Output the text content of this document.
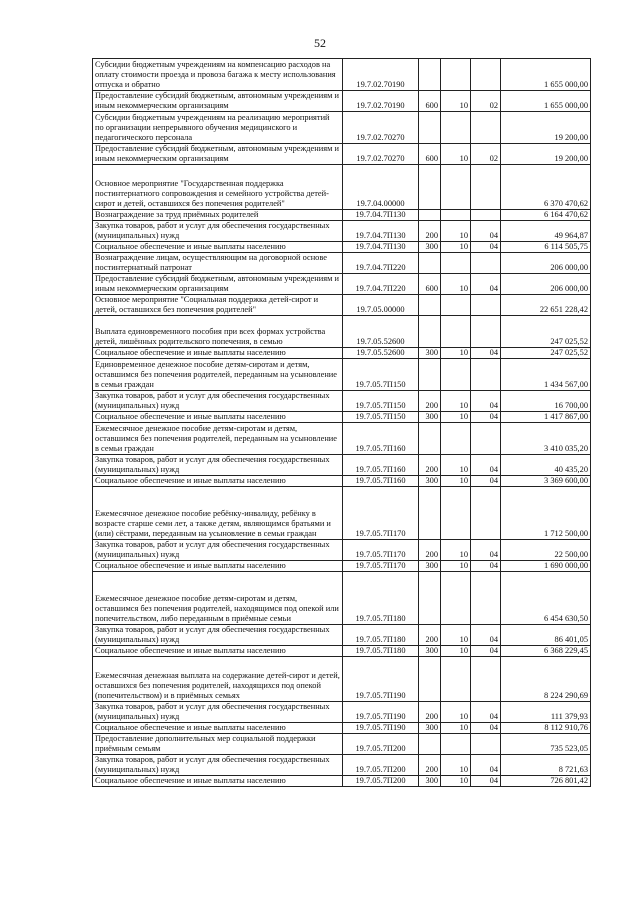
52
Субсидии бюджетным учреждениям на компенсацию расходов на оплату стоимости проезда и провоза багажа к месту использования отпуска и обратно	19.7.02.70190				1 655 000,00
Предоставление субсидий бюджетным, автономным учреждениям и иным некоммерческим организациям	19.7.02.70190	600	10	02	1 655 000,00
Субсидии бюджетным учреждениям на реализацию мероприятий по организации непрерывного обучения медицинского и педагогического персонала	19.7.02.70270				19 200,00
Предоставление субсидий бюджетным, автономным учреждениям и иным некоммерческим организациям	19.7.02.70270	600	10	02	19 200,00
Основное мероприятие "Государственная поддержка постинтернатного сопровождения и семейного устройства детей-сирот и детей, оставшихся без попечения родителей"	19.7.04.00000				6 370 470,62
Вознаграждение за труд приёмных родителей	19.7.04.7П130				6 164 470,62
Закупка товаров, работ и услуг для обеспечения государственных (муниципальных) нужд	19.7.04.7П130	200	10	04	49 964,87
Социальное обеспечение и иные выплаты населению	19.7.04.7П130	300	10	04	6 114 505,75
Вознаграждение лицам, осуществляющим на договорной основе постинтернатный патронат	19.7.04.7П220				206 000,00
Предоставление субсидий бюджетным, автономным учреждениям и иным некоммерческим организациям	19.7.04.7П220	600	10	04	206 000,00
Основное мероприятие "Социальная поддержка детей-сирот и детей, оставшихся без попечения родителей"	19.7.05.00000				22 651 228,42
Выплата единовременного пособия при всех формах устройства детей, лишённых родительского попечения, в семью	19.7.05.52600				247 025,52
Социальное обеспечение и иные выплаты населению	19.7.05.52600	300	10	04	247 025,52
Единовременное денежное пособие детям-сиротам и детям, оставшимся без попечения родителей, переданным на усыновление в семьи граждан	19.7.05.7П150				1 434 567,00
Закупка товаров, работ и услуг для обеспечения государственных (муниципальных) нужд	19.7.05.7П150	200	10	04	16 700,00
Социальное обеспечение и иные выплаты населению	19.7.05.7П150	300	10	04	1 417 867,00
Ежемесячное денежное пособие детям-сиротам и детям, оставшимся без попечения родителей, переданным на усыновление в семьи граждан	19.7.05.7П160				3 410 035,20
Закупка товаров, работ и услуг для обеспечения государственных (муниципальных) нужд	19.7.05.7П160	200	10	04	40 435,20
Социальное обеспечение и иные выплаты населению	19.7.05.7П160	300	10	04	3 369 600,00
Ежемесячное денежное пособие ребёнку-инвалиду, ребёнку в возрасте старше семи лет, а также детям, являющимся братьями и (или) сёстрами, переданным на усыновление в семьи граждан	19.7.05.7П170				1 712 500,00
Закупка товаров, работ и услуг для обеспечения государственных (муниципальных) нужд	19.7.05.7П170	200	10	04	22 500,00
Социальное обеспечение и иные выплаты населению	19.7.05.7П170	300	10	04	1 690 000,00
Ежемесячное денежное пособие детям-сиротам и детям, оставшимся без попечения родителей, находящимся под опекой или попечительством, либо переданным в приёмные семьи	19.7.05.7П180				6 454 630,50
Закупка товаров, работ и услуг для обеспечения государственных (муниципальных) нужд	19.7.05.7П180	200	10	04	86 401,05
Социальное обеспечение и иные выплаты населению	19.7.05.7П180	300	10	04	6 368 229,45
Ежемесячная денежная выплата на содержание детей-сирот и детей, оставшихся без попечения родителей, находящихся под опекой (попечительством) и в приёмных семьях	19.7.05.7П190				8 224 290,69
Закупка товаров, работ и услуг для обеспечения государственных (муниципальных) нужд	19.7.05.7П190	200	10	04	111 379,93
Социальное обеспечение и иные выплаты населению	19.7.05.7П190	300	10	04	8 112 910,76
Предоставление дополнительных мер социальной поддержки приёмным семьям	19.7.05.7П200				735 523,05
Закупка товаров, работ и услуг для обеспечения государственных (муниципальных) нужд	19.7.05.7П200	200	10	04	8 721,63
Социальное обеспечение и иные выплаты населению	19.7.05.7П200	300	10	04	726 801,42
